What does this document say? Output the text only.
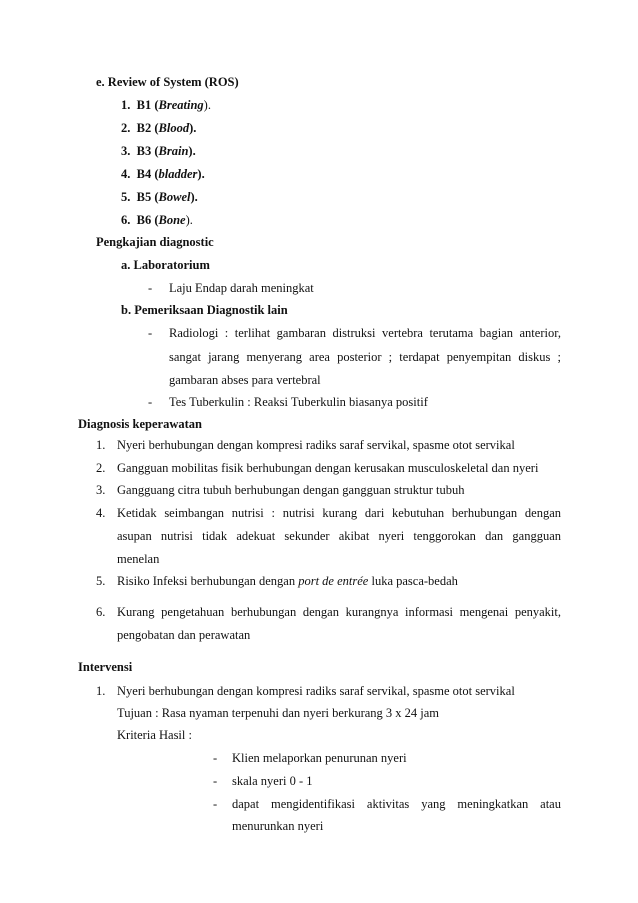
e. Review of System (ROS)
1. B1 (Breating).
2. B2 (Blood).
3. B3 (Brain).
4. B4 (bladder).
5. B5 (Bowel).
6. B6 (Bone).
Pengkajian diagnostic
a. Laboratorium
- Laju Endap darah meningkat
b. Pemeriksaan Diagnostik lain
- Radiologi : terlihat gambaran distruksi vertebra terutama bagian anterior,
sangat jarang menyerang area posterior ; terdapat penyempitan diskus ;
gambaran abses para vertebral
- Tes Tuberkulin : Reaksi Tuberkulin biasanya positif
Diagnosis keperawatan
1. Nyeri berhubungan dengan kompresi radiks saraf servikal, spasme otot servikal
2. Gangguan mobilitas fisik berhubungan dengan kerusakan musculoskeletal dan nyeri
3. Gangguang citra tubuh berhubungan dengan gangguan struktur tubuh
4. Ketidak seimbangan nutrisi : nutrisi kurang dari kebutuhan berhubungan dengan
asupan nutrisi tidak adekuat sekunder akibat nyeri tenggorokan dan gangguan
menelan
5. Risiko Infeksi berhubungan dengan port de entrée luka pasca-bedah
6. Kurang pengetahuan berhubungan dengan kurangnya informasi mengenai penyakit,
pengobatan dan perawatan
Intervensi
1. Nyeri berhubungan dengan kompresi radiks saraf servikal, spasme otot servikal
Tujuan : Rasa nyaman terpenuhi dan nyeri berkurang 3 x 24 jam
Kriteria Hasil :
- Klien melaporkan penurunan nyeri
- skala nyeri 0 - 1
- dapat mengidentifikasi aktivitas yang meningkatkan atau
menurunkan nyeri
